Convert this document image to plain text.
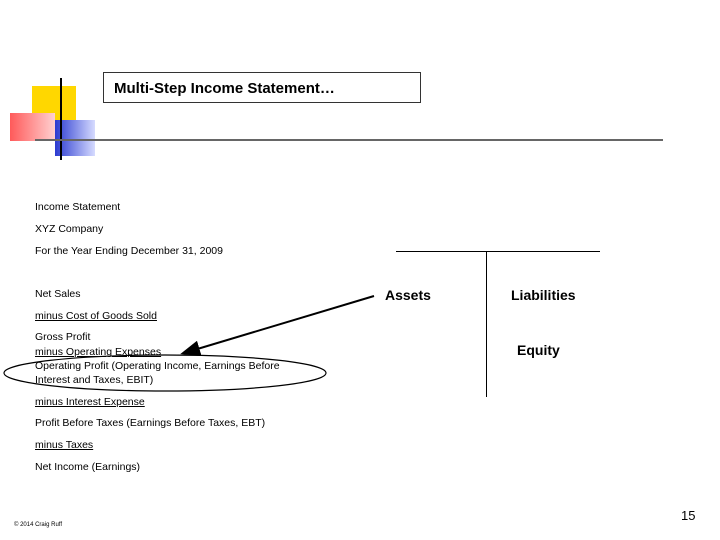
Multi-Step Income Statement…
Income Statement
XYZ Company
For the Year Ending December 31, 2009
Net Sales
minus Cost of Goods Sold
Gross Profit
minus Operating Expenses
Operating Profit (Operating Income, Earnings Before
Interest and Taxes, EBIT)
minus Interest Expense
Profit Before Taxes (Earnings Before Taxes, EBT)
minus Taxes
Net Income (Earnings)
Assets	Liabilities
Equity
© 2014 Craig Ruff
15
